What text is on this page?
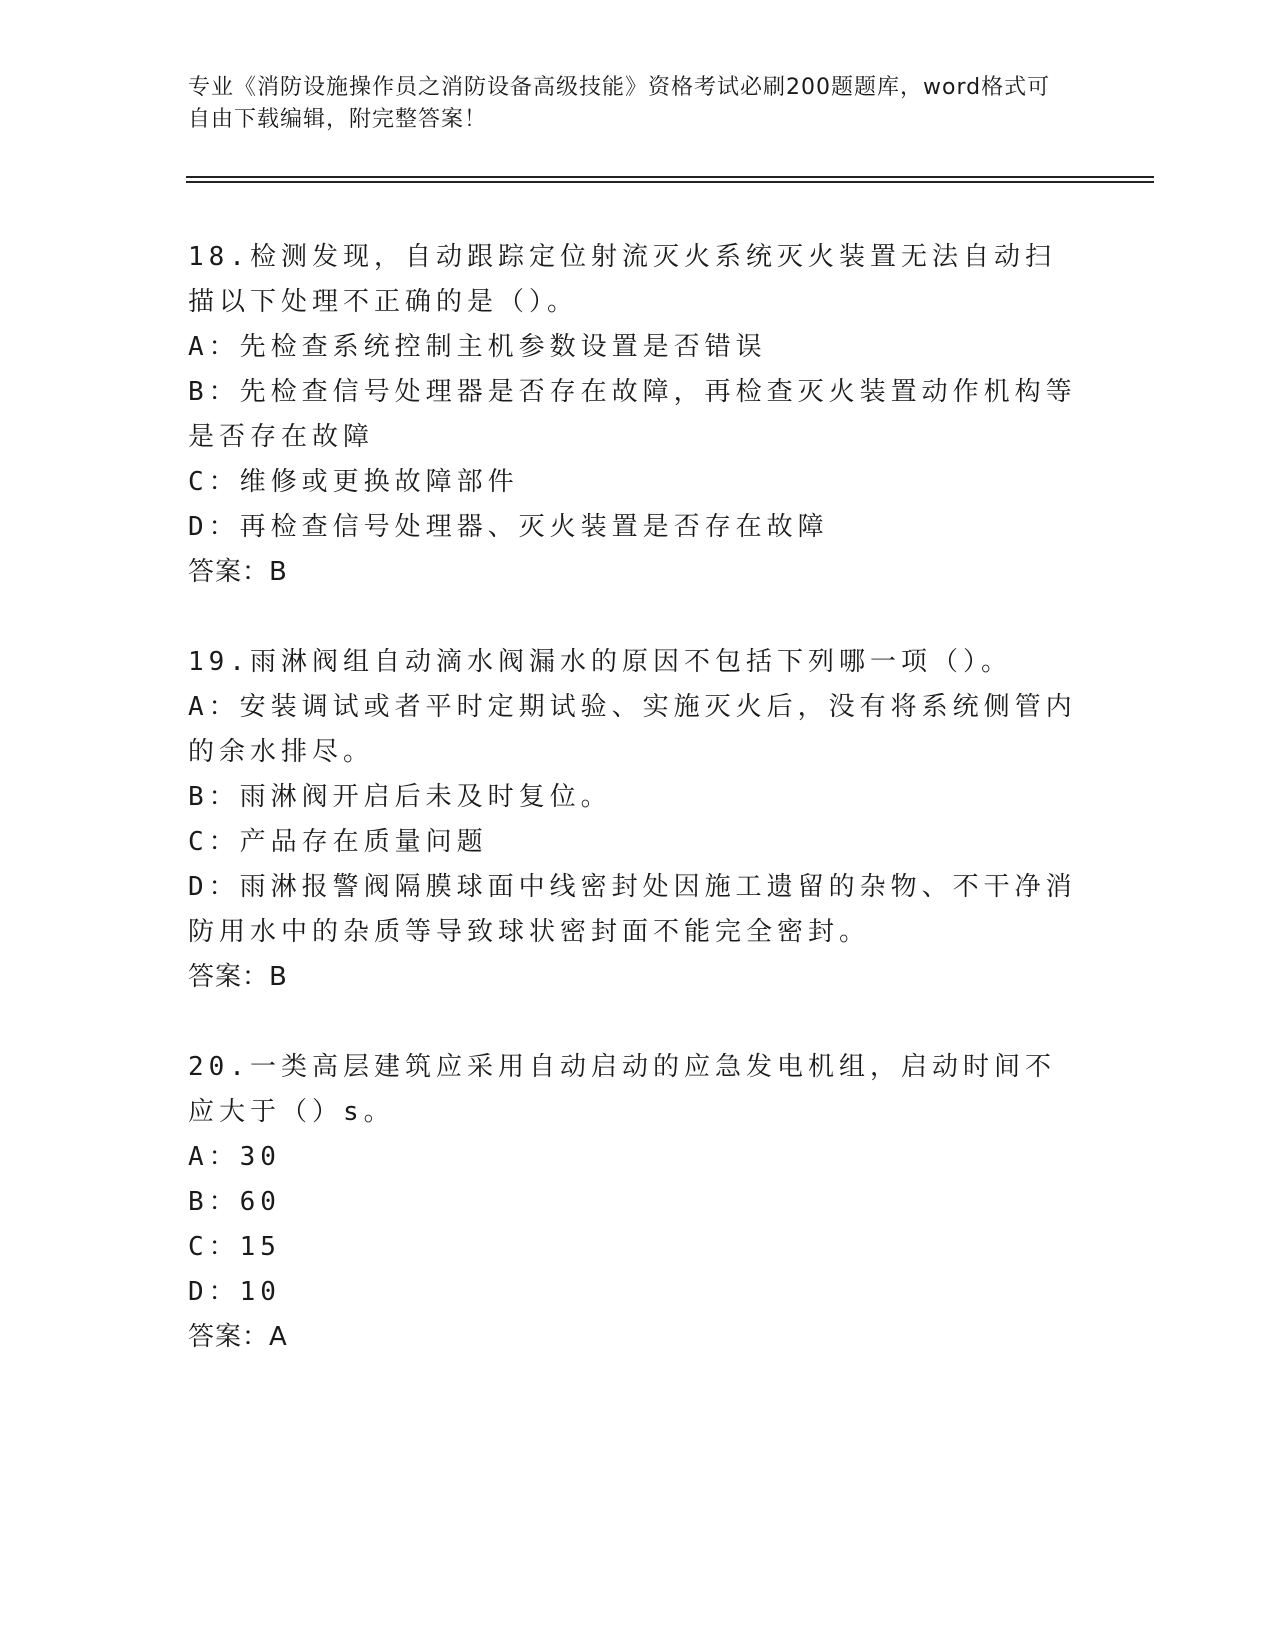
专业《消防设施操作员之消防设备高级技能》资格考试必刷200题题库，word格式可自由下载编辑，附完整答案！
18.检测发现，自动跟踪定位射流灭火系统灭火装置无法自动扫描以下处理不正确的是（）。
A：先检查系统控制主机参数设置是否错误
B：先检查信号处理器是否存在故障，再检查灭火装置动作机构等是否存在故障
C：维修或更换故障部件
D：再检查信号处理器、灭火装置是否存在故障
答案：B
19.雨淋阀组自动滴水阀漏水的原因不包括下列哪一项（）。
A：安装调试或者平时定期试验、实施灭火后，没有将系统侧管内的余水排尽。
B：雨淋阀开启后未及时复位。
C：产品存在质量问题
D：雨淋报警阀隔膜球面中线密封处因施工遗留的杂物、不干净消防用水中的杂质等导致球状密封面不能完全密封。
答案：B
20.一类高层建筑应采用自动启动的应急发电机组，启动时间不应大于（）s。
A：30
B：60
C：15
D：10
答案：A
